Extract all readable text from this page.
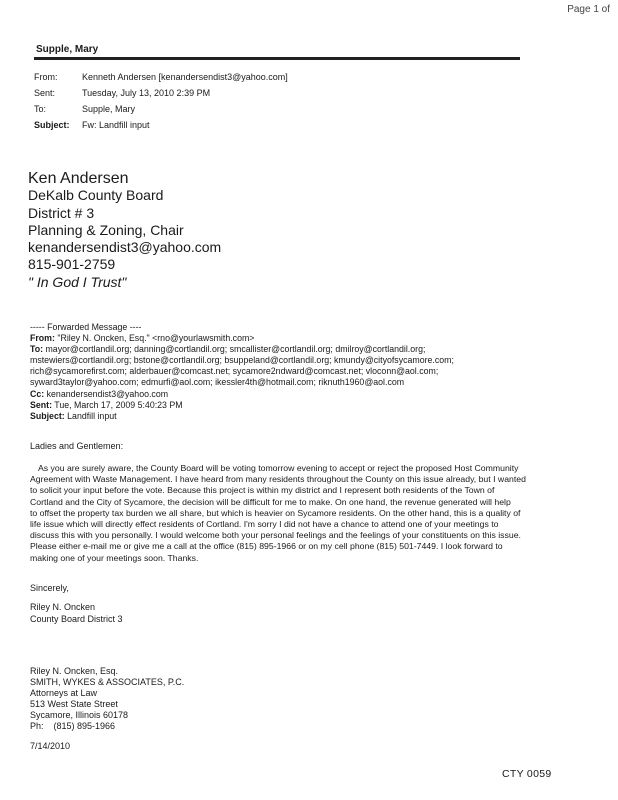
Page 1 of
Supple, Mary
From:	Kenneth Andersen [kenandersendist3@yahoo.com]
Sent:	Tuesday, July 13, 2010 2:39 PM
To:	Supple, Mary
Subject: Fw: Landfill input
Ken Andersen
DeKalb County Board
District # 3
Planning & Zoning, Chair
kenandersendist3@yahoo.com
815-901-2759
" In God I Trust"
----- Forwarded Message ----
From: "Riley N. Oncken, Esq." <rno@yourlawsmith.com>
To: mayor@cortlandil.org; danning@cortlandil.org; smcallister@cortlandil.org; dmilroy@cortlandil.org;
mstewiers@cortlandil.org; bstone@cortlandil.org; bsuppeland@cortlandil.org; kmundy@cityofsycamore.com;
rich@sycamorefirst.com; alderbauer@comcast.net; sycamore2ndward@comcast.net; vloconn@aol.com;
syward3taylor@yahoo.com; edmurfi@aol.com; ikessler4th@hotmail.com; riknuth1960@aol.com
Cc: kenandersendist3@yahoo.com
Sent: Tue, March 17, 2009 5:40:23 PM
Subject: Landfill input
Ladies and Gentlemen:
As you are surely aware, the County Board will be voting tomorrow evening to accept or reject the proposed Host Community
Agreement with Waste Management. I have heard from many residents throughout the County on this issue already, but I wanted
to solicit your input before the vote. Because this project is within my district and I represent both residents of the Town of
Cortland and the City of Sycamore, the decision will be difficult for me to make. On one hand, the revenue generated will help
to offset the property tax burden we all share, but which is heavier on Sycamore residents. On the other hand, this is a quality of
life issue which will directly effect residents of Cortland. I'm sorry I did not have a chance to attend one of your meetings to
discuss this with you personally. I would welcome both your personal feelings and the feelings of your constituents on this issue.
Please either e-mail me or give me a call at the office (815) 895-1966 or on my cell phone (815) 501-7449. I look forward to
making one of your meetings soon. Thanks.
Sincerely,
Riley N. Oncken
County Board District 3
Riley N. Oncken, Esq.
SMITH, WYKES & ASSOCIATES, P.C.
Attorneys at Law
513 West State Street
Sycamore, Illinois 60178
Ph:    (815) 895-1966
7/14/2010
CTY 0059
